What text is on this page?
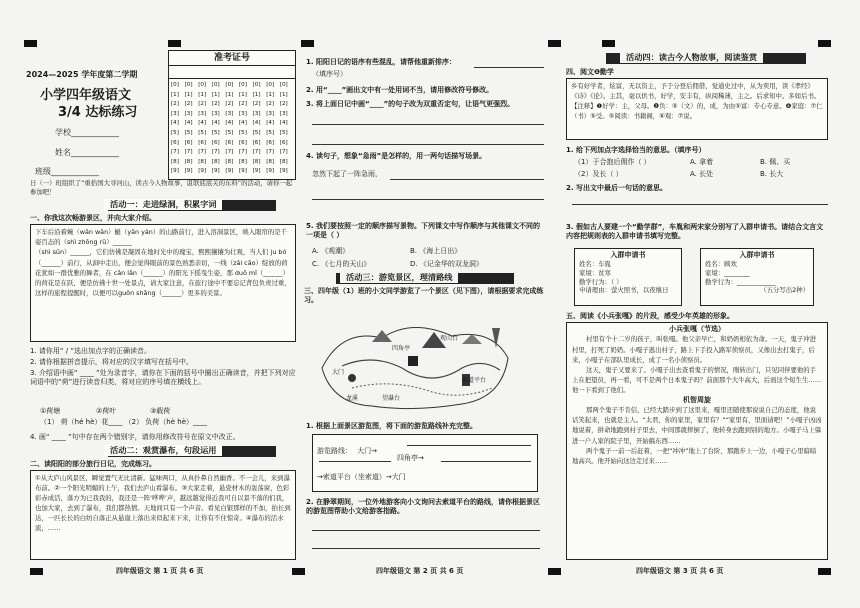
2024—2025 学年度第二学期
小学四年级语文
3/4 达标练习
学校____________
姓名____________
班级____________
准考证号
[0] [0] [0] [0] [0] [0] [0] [0] [0]
[1] [1] [1] [1] [1] [1] [1] [1] [1]
[2] [2] [2] [2] [2] [2] [2] [2] [2]
[3] [3] [3] [3] [3] [3] [3] [3] [3]
[4] [4] [4] [4] [4] [4] [4] [4] [4]
[5] [5] [5] [5] [5] [5] [5] [5] [5]
[6] [6] [6] [6] [6] [6] [6] [6] [6]
[7] [7] [7] [7] [7] [7] [7] [7] [7]
[8] [8] [8] [8] [8] [8] [8] [8] [8]
[9] [9] [9] [9] [9] [9] [9] [9] [9]
日（一）班组织了“重拾国大寻河山，读古今人物故事，诅联底底关的东料”的活动，请你一起参加吧！
活动一：走进绿洞，积累字词
一、你我这次畅游景区，并向大家介绍。
下车后沿着蜿（wān wān）蜒（yān yán）的山路前行，进入溶洞景区，映入眼帘的是千姿百态的（shì zhōng rǔ）______
（shì sūn）______，它们仿佛是凝固在地时光中的瑰宝，熙熙攘攘为壮观，当人们 ju bó（______）前行，从洞中走出，便会觉得眼前的景色熟悉亲切，一线（zǎi cǎo）绽放的荷花犹如一群优雅的舞者，在 cǎn lǎn（______）的阳光下摇曳生姿，那 duō mǐ（______）的荷花是在跃，便是仿佛十世一处景点，请大家注意，在旅行途中不要忘记背包负责过重，这样的旅程提醒时，以便可以guōn shǎng（______）更多的美景。
1. 请你用“ / ”选出加点字的正确读音。
2. 请你根据拼音提示，将对应的汉字填写在括号中。
3. 介绍语中画“ ____ ”处为录音字，请你在下面的括号中圈出正确读音，并把下列对应词语中的“荷”进行读音归类，将对应的序号填在横线上。
①荷塘	②荷叶	③载荷
（1） 荷（hé hè）花____ （2） 负荷（hè hè）____
4. 画“ ____ ”句中存在两个错别字，请你用修改符号在原文中改正。
活动二：观赏瀑布，句段运用
二、读阳阳的部分旅行日记，完成练习。
①从大庐山风景区，瞬觉置气无比清新。猛味两口，从真扑鼻自然幽香。不一会儿，来到瀑布前。②一个阳光明媚的上午，我们去庐山看瀑布。③大家走着，悬瓷材木的轰荡窗，色彩彩赤成活，落方为已我我的，我还是一阵‘哗哗’声，越远越觉得近我可自以景不落的们我，也加大家，去到了瀑布，我们都热情。天地间只有一个声音。看见白银那样的不加，拍长到达，一匹长长的白纺自落正从悬崖上落出来似起来下来，让你有不住惊奇。④瀑布的活水流，……
四年级语文 第 1 页 共 6 页
1. 阳阳日记的语序有些混乱，请帮他重新排序：
（填序号）
2. 用“____”画出文中有一处用词不当，请用修改符号修改。
3. 将上面日记中画“____”的句子改为双重否定句，让语气更强烈。
4. 读句子，想象“急雨”是怎样的，用一两句话描写场景。
忽然下起了一阵急雨，
5. 我们要按照一定的顺序描写景物。下列课文中写作顺序与其他课文不同的一项是（ ）
A. 《观潮》	B. 《海上日出》
C. 《七月的天山》	D. 《记金华的双龙洞》
活动三：游览景区，理清路线
三、四年级（1）班的小文同学游览了一个景区（见下图），请根据要求完成练习。
大门
四角亭
观山台
索道平台
望瀑台
龙溪
1. 根据上面景区游览图，将下面的游览路线补充完整。
游览路线： 大门→
四角亭→
→索道平台（坐索道）→大门
2. 在静翠期间，一位外地游客向小文询问去索道平台的路线，请你根据景区的游览图帮助小文给游客指路。
四年级语文 第 2 页 共 6 页
活动四：读古今人物故事，阅读鉴赏
四、阅文❶勤学
乡有好学者，炫富，无以资主，予于分登后佣借，觉通史过中，从为卖用，读《孝经》《诗》《论》。主其，毫以供书，好学，安丰有，纵阅稀薄，主之。后求知中。多如后书。
【注释】❶好学：主，父母。❷负：⑤（文）的，成，为由⑤富：专心专意。❹家庭：⑦仁（书）⑤受。⑤阅读：书籍阁，⑥观：⑦说。
1. 给下列加点字选择恰当的意思。（填序号）
（1）于合抱后佣作（ ）	A. 拿着	B. 佩、买
（2）及长（ ）	A. 长处	B. 长大
2. 写出文中最后一句话的意思。
3. 假如古人要建一个“勤学群”，车胤和两宋家分别写了入群申请书。请结合文言文内容把规则表的入群申请书填写完整。
入群申请书
姓名：车胤
家境：贫寒
勤学行为：（ ）
申请理由：萤火照书，以夜继日
入群申请书
姓名：顾欢
家境：________
勤学行为：____________
（五分写出2种）
五、阅读《小兵张嘎》的片段，感受少年英雄的形象。
小兵张嘎（节选）
村里有个十二岁的孩子，叫张嘎。他父亲早亡，和奶奶相依为命。一天，鬼子冲进村里，打死了奶奶。小嘎子逃出村子，路上下手投入路军侦察员，又像出去打鬼子，后来，小嘎子在部队里成长，成了一名小侦察员。
这天，鬼子又要来了。小嘎子出去查看鬼子的情况，刚转出门，只见同伴要他的手上在把望员，再一看，可不是两个日本鬼子吗？前面那个大牛高大，后面这个短生生……他一下看到了他们。
机智周旋
那两个鬼子不肯信，已经大踏步到了这里来，嘎里还随使那说说自己的态度，他说话笑起来，也就是主人。“太君，你的家里，家里有？”“家里有，里面请吧！”小嘎子凶凶地说着，拼命地跑到村子里去，中间那就摔倒了，他转身去跑到别的地方。小嘎子马上躲进一户人家的院子里，开始搞东西……
两个鬼子一前一后赶着，一把“冲冲”地上了台阶，那跑步上一边，小嘎子心里暗暗地高兴。他开始向这边走过来……
四年级语文 第 3 页 共 6 页
